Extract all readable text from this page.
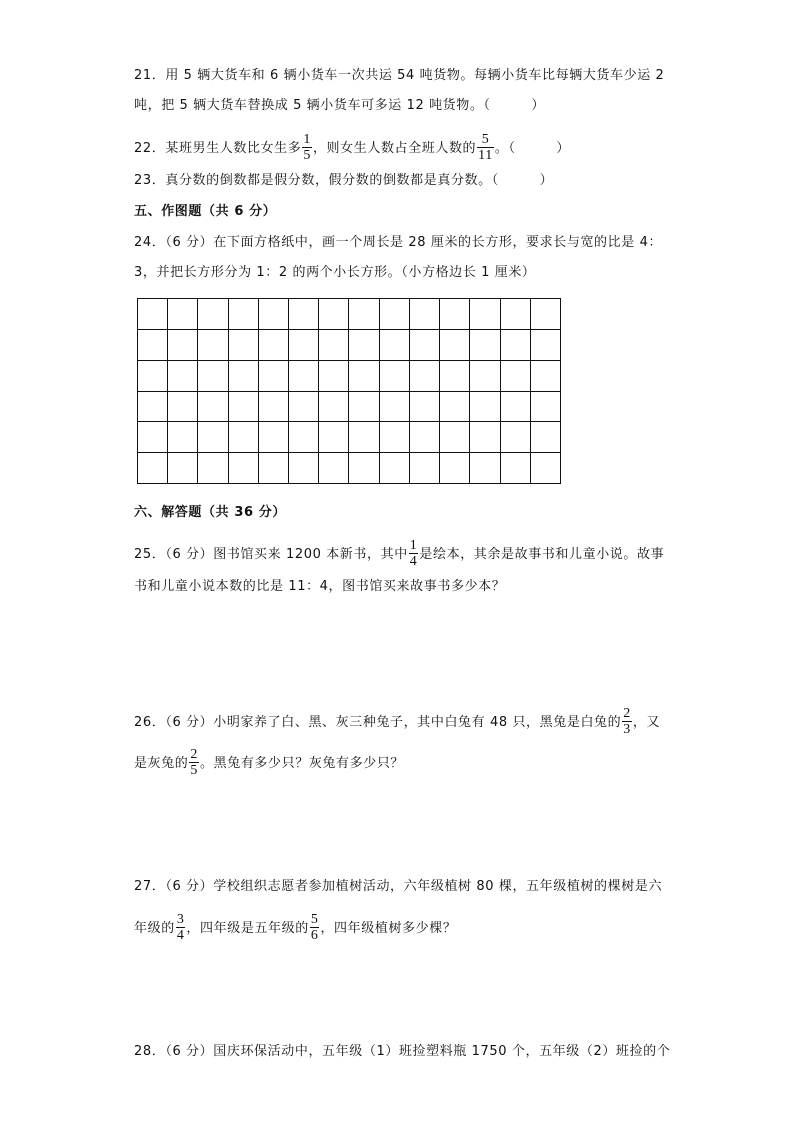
21．用 5 辆大货车和 6 辆小货车一次共运 54 吨货物。每辆小货车比每辆大货车少运 2
吨，把 5 辆大货车替换成 5 辆小货车可多运 12 吨货物。（　　　）
22．某班男生人数比女生多 $\frac{1}{5}$ ，则女生人数占全班人数的 $\frac{5}{11}$ 。（　　　）
23．真分数的倒数都是假分数，假分数的倒数都是真分数。（　　　）
五、作图题（共 6 分）
24．（6 分）在下面方格纸中，画一个周长是 28 厘米的长方形，要求长与宽的比是 4：
3，并把长方形分为 1：2 的两个小长方形。（小方格边长 1 厘米）
六、解答题（共 36 分）
25．（6 分）图书馆买来 1200 本新书，其中 $\frac{1}{4}$ 是绘本，其余是故事书和儿童小说。故事
书和儿童小说本数的比是 11：4，图书馆买来故事书多少本？
26．（6 分）小明家养了白、黑、灰三种兔子，其中白兔有 48 只，黑兔是白兔的 $\frac{2}{3}$ ，又
是灰兔的 $\frac{2}{5}$ 。黑兔有多少只？灰兔有多少只？
27．（6 分）学校组织志愿者参加植树活动，六年级植树 80 棵，五年级植树的棵树是六
年级的 $\frac{3}{4}$ ，四年级是五年级的 $\frac{5}{6}$ ，四年级植树多少棵？
28．（6 分）国庆环保活动中，五年级（1）班捡塑料瓶 1750 个，五年级（2）班捡的个
